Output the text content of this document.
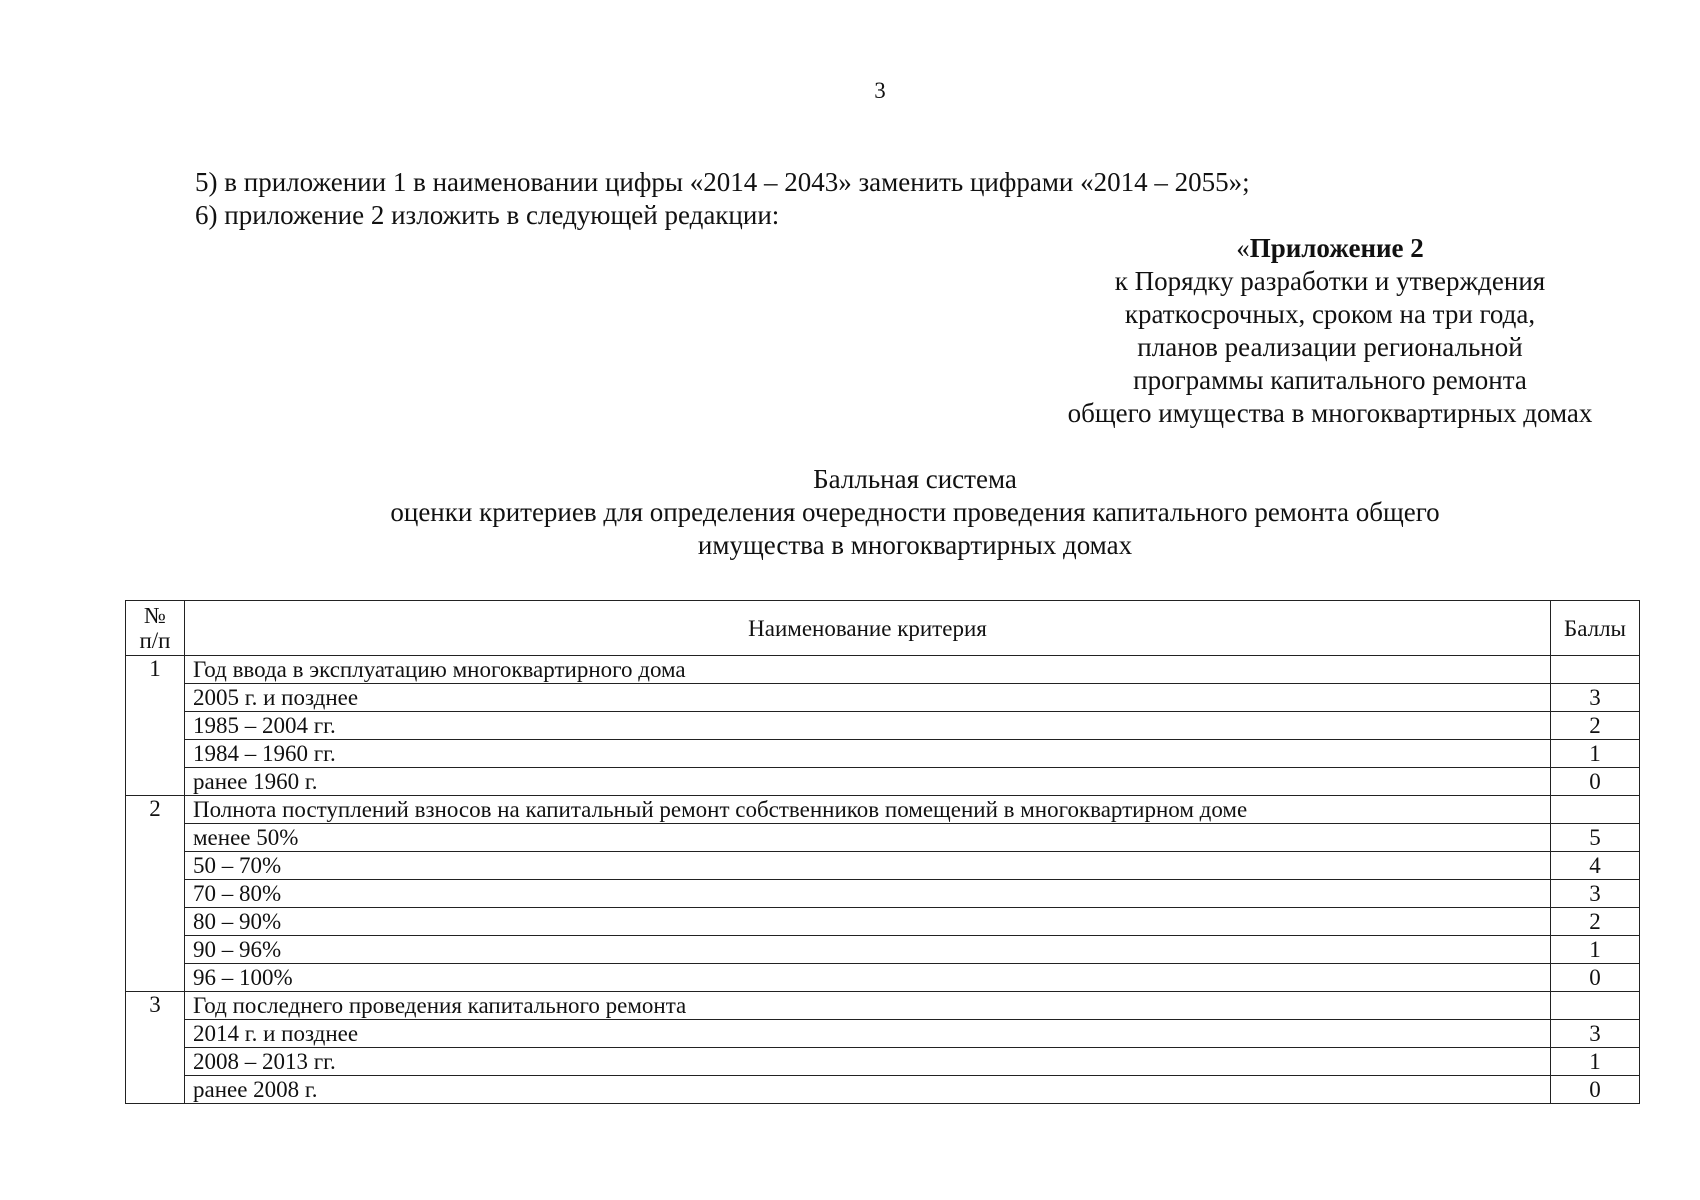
3
5) в приложении 1 в наименовании цифры «2014 – 2043» заменить цифрами «2014 – 2055»;
6) приложение 2 изложить в следующей редакции:
«Приложение 2
к Порядку разработки и утверждения
краткосрочных, сроком на три года,
планов реализации региональной
программы капитального ремонта
общего имущества в многоквартирных домах
Балльная система
оценки критериев для определения очередности проведения капитального ремонта общего
имущества в многоквартирных домах
№
п/п	Наименование критерия	Баллы
1	Год ввода в эксплуатацию многоквартирного дома	
	2005 г. и позднее	3
	1985 – 2004 гг.	2
	1984 – 1960 гг.	1
	ранее 1960 г.	0
2	Полнота поступлений взносов на капитальный ремонт собственников помещений в многоквартирном доме	
	менее 50%	5
	50 – 70%	4
	70 – 80%	3
	80 – 90%	2
	90 – 96%	1
	96 – 100%	0
3	Год последнего проведения капитального ремонта	
	2014 г. и позднее	3
	2008 – 2013 гг.	1
	ранее 2008 г.	0
